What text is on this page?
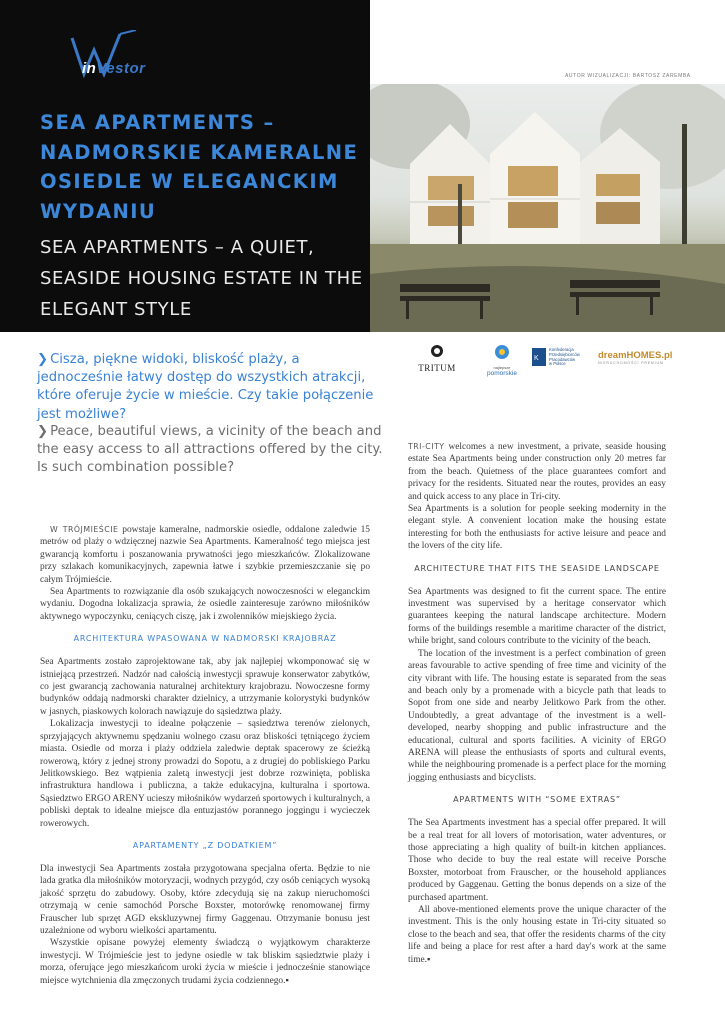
inVestor
SEA APARTMENTS – NADMORSKIE KAMERALNE OSIEDLE W ELEGANCKIM WYDANIU
SEA APARTMENTS – A QUIET, SEASIDE HOUSING ESTATE IN THE ELEGANT STYLE
AUTOR WIZUALIZACJI: BARTOSZ ZAREMBA
TRITUM	najlepsze
pomorskie
K
Konfederacja
Przedsiębiorców
Pracodawców
w Polsce
dreamHOMES.pl
NIERUCHOMOŚCI PREMIUM
❯ Cisza, piękne widoki, bliskość plaży, a jednocześnie łatwy dostęp do wszystkich atrakcji, które oferuje życie w mieście. Czy takie połączenie jest możliwe?
❯ Peace, beautiful views, a vicinity of the beach and the easy access to all attractions offered by the city. Is such combination possible?

W TRÓJMIEŚCIE powstaje kameralne, nadmorskie osiedle, oddalone zaledwie 15 metrów od plaży o wdzięcznej nazwie Sea Apartments. Kameralność tego miejsca jest gwarancją komfortu i poszanowania prywatności jego mieszkańców. Zlokalizowane przy szlakach komunikacyjnych, zapewnia łatwe i szybkie przemieszczanie się po całym Trójmieście.

Sea Apartments to rozwiązanie dla osób szukających nowoczesności w eleganckim wydaniu. Dogodna lokalizacja sprawia, że osiedle zainteresuje zarówno miłośników aktywnego wypoczynku, ceniących ciszę, jak i zwolenników miejskiego życia.

ARCHITEKTURA WPASOWANA W NADMORSKI KRAJOBRAZ

Sea Apartments zostało zaprojektowane tak, aby jak najlepiej wkomponować się w istniejącą przestrzeń. Nadzór nad całością inwestycji sprawuje konserwator zabytków, co jest gwarancją zachowania naturalnej architektury krajobrazu. Nowoczesne formy budynków oddają nadmorski charakter dzielnicy, a utrzymanie kolorystyki budynków w jasnych, piaskowych kolorach nawiązuje do sąsiedztwa plaży.

Lokalizacja inwestycji to idealne połączenie – sąsiedztwa terenów zielonych, sprzyjających aktywnemu spędzaniu wolnego czasu oraz bliskości tętniącego życiem miasta. Osiedle od morza i plaży oddziela zaledwie deptak spacerowy ze ścieżką rowerową, który z jednej strony prowadzi do Sopotu, a z drugiej do pobliskiego Parku Jelitkowskiego. Bez wątpienia zaletą inwestycji jest dobrze rozwinięta, pobliska infrastruktura handlowa i publiczna, a także edukacyjna, kulturalna i sportowa. Sąsiedztwo ERGO ARENY ucieszy miłośników wydarzeń sportowych i kulturalnych, a pobliski deptak to idealne miejsce dla entuzjastów porannego joggingu i wycieczek rowerowych.

APARTAMENTY „Z DODATKIEM”

Dla inwestycji Sea Apartments została przygotowana specjalna oferta. Będzie to nie lada gratka dla miłośników motoryzacji, wodnych przygód, czy osób ceniących wysoką jakość sprzętu do zabudowy. Osoby, które zdecydują się na zakup nieruchomości otrzymają w cenie samochód Porsche Boxster, motorówkę renomowanej firmy Frauscher lub sprzęt AGD ekskluzywnej firmy Gaggenau. Otrzymanie bonusu jest uzależnione od wyboru wielkości apartamentu.

Wszystkie opisane powyżej elementy świadczą o wyjątkowym charakterze inwestycji. W Trójmieście jest to jedyne osiedle w tak bliskim sąsiedztwie plaży i morza, oferujące jego mieszkańcom uroki życia w mieście i jednocześnie stanowiące miejsce wytchnienia dla zmęczonych trudami życia codziennego.▪

TRI-CITY welcomes a new investment, a private, seaside housing estate Sea Apartments being under construction only 20 metres far from the beach. Quietness of the place guarantees comfort and privacy for the residents. Situated near the routes, provides an easy and quick access to any place in Tri-city.

Sea Apartments is a solution for people seeking modernity in the elegant style. A convenient location make the housing estate interesting for both the enthusiasts for active leisure and peace and the lovers of the city life.

ARCHITECTURE THAT FITS THE SEASIDE LANDSCAPE

Sea Apartments was designed to fit the current space. The entire investment was supervised by a heritage conservator which guarantees keeping the natural landscape architecture. Modern forms of the buildings resemble a maritime character of the district, while bright, sand colours contribute to the vicinity of the beach.

The location of the investment is a perfect combination of green areas favourable to active spending of free time and vicinity of the city vibrant with life. The housing estate is separated from the seas and beach only by a promenade with a bicycle path that leads to Sopot from one side and nearby Jelitkowo Park from the other. Undoubtedly, a great advantage of the investment is a well-developed, nearby shopping and public infrastructure and the educational, cultural and sports facilities. A vicinity of ERGO ARENA will please the enthusiasts of sports and cultural events, while the neighbouring promenade is a perfect place for the morning jogging enthusiasts and bicyclists.

APARTMENTS WITH “SOME EXTRAS”

The Sea Apartments investment has a special offer prepared. It will be a real treat for all lovers of motorisation, water adventures, or those appreciating a high quality of built-in kitchen appliances. Those who decide to buy the real estate will receive Porsche Boxster, motorboat from Frauscher, or the household appliances produced by Gaggenau. Getting the bonus depends on a size of the purchased apartment.

All above-mentioned elements prove the unique character of the investment. This is the only housing estate in Tri-city situated so close to the beach and sea, that offer the residents charms of the city life and being a place for rest after a hard day's work at the same time.▪
